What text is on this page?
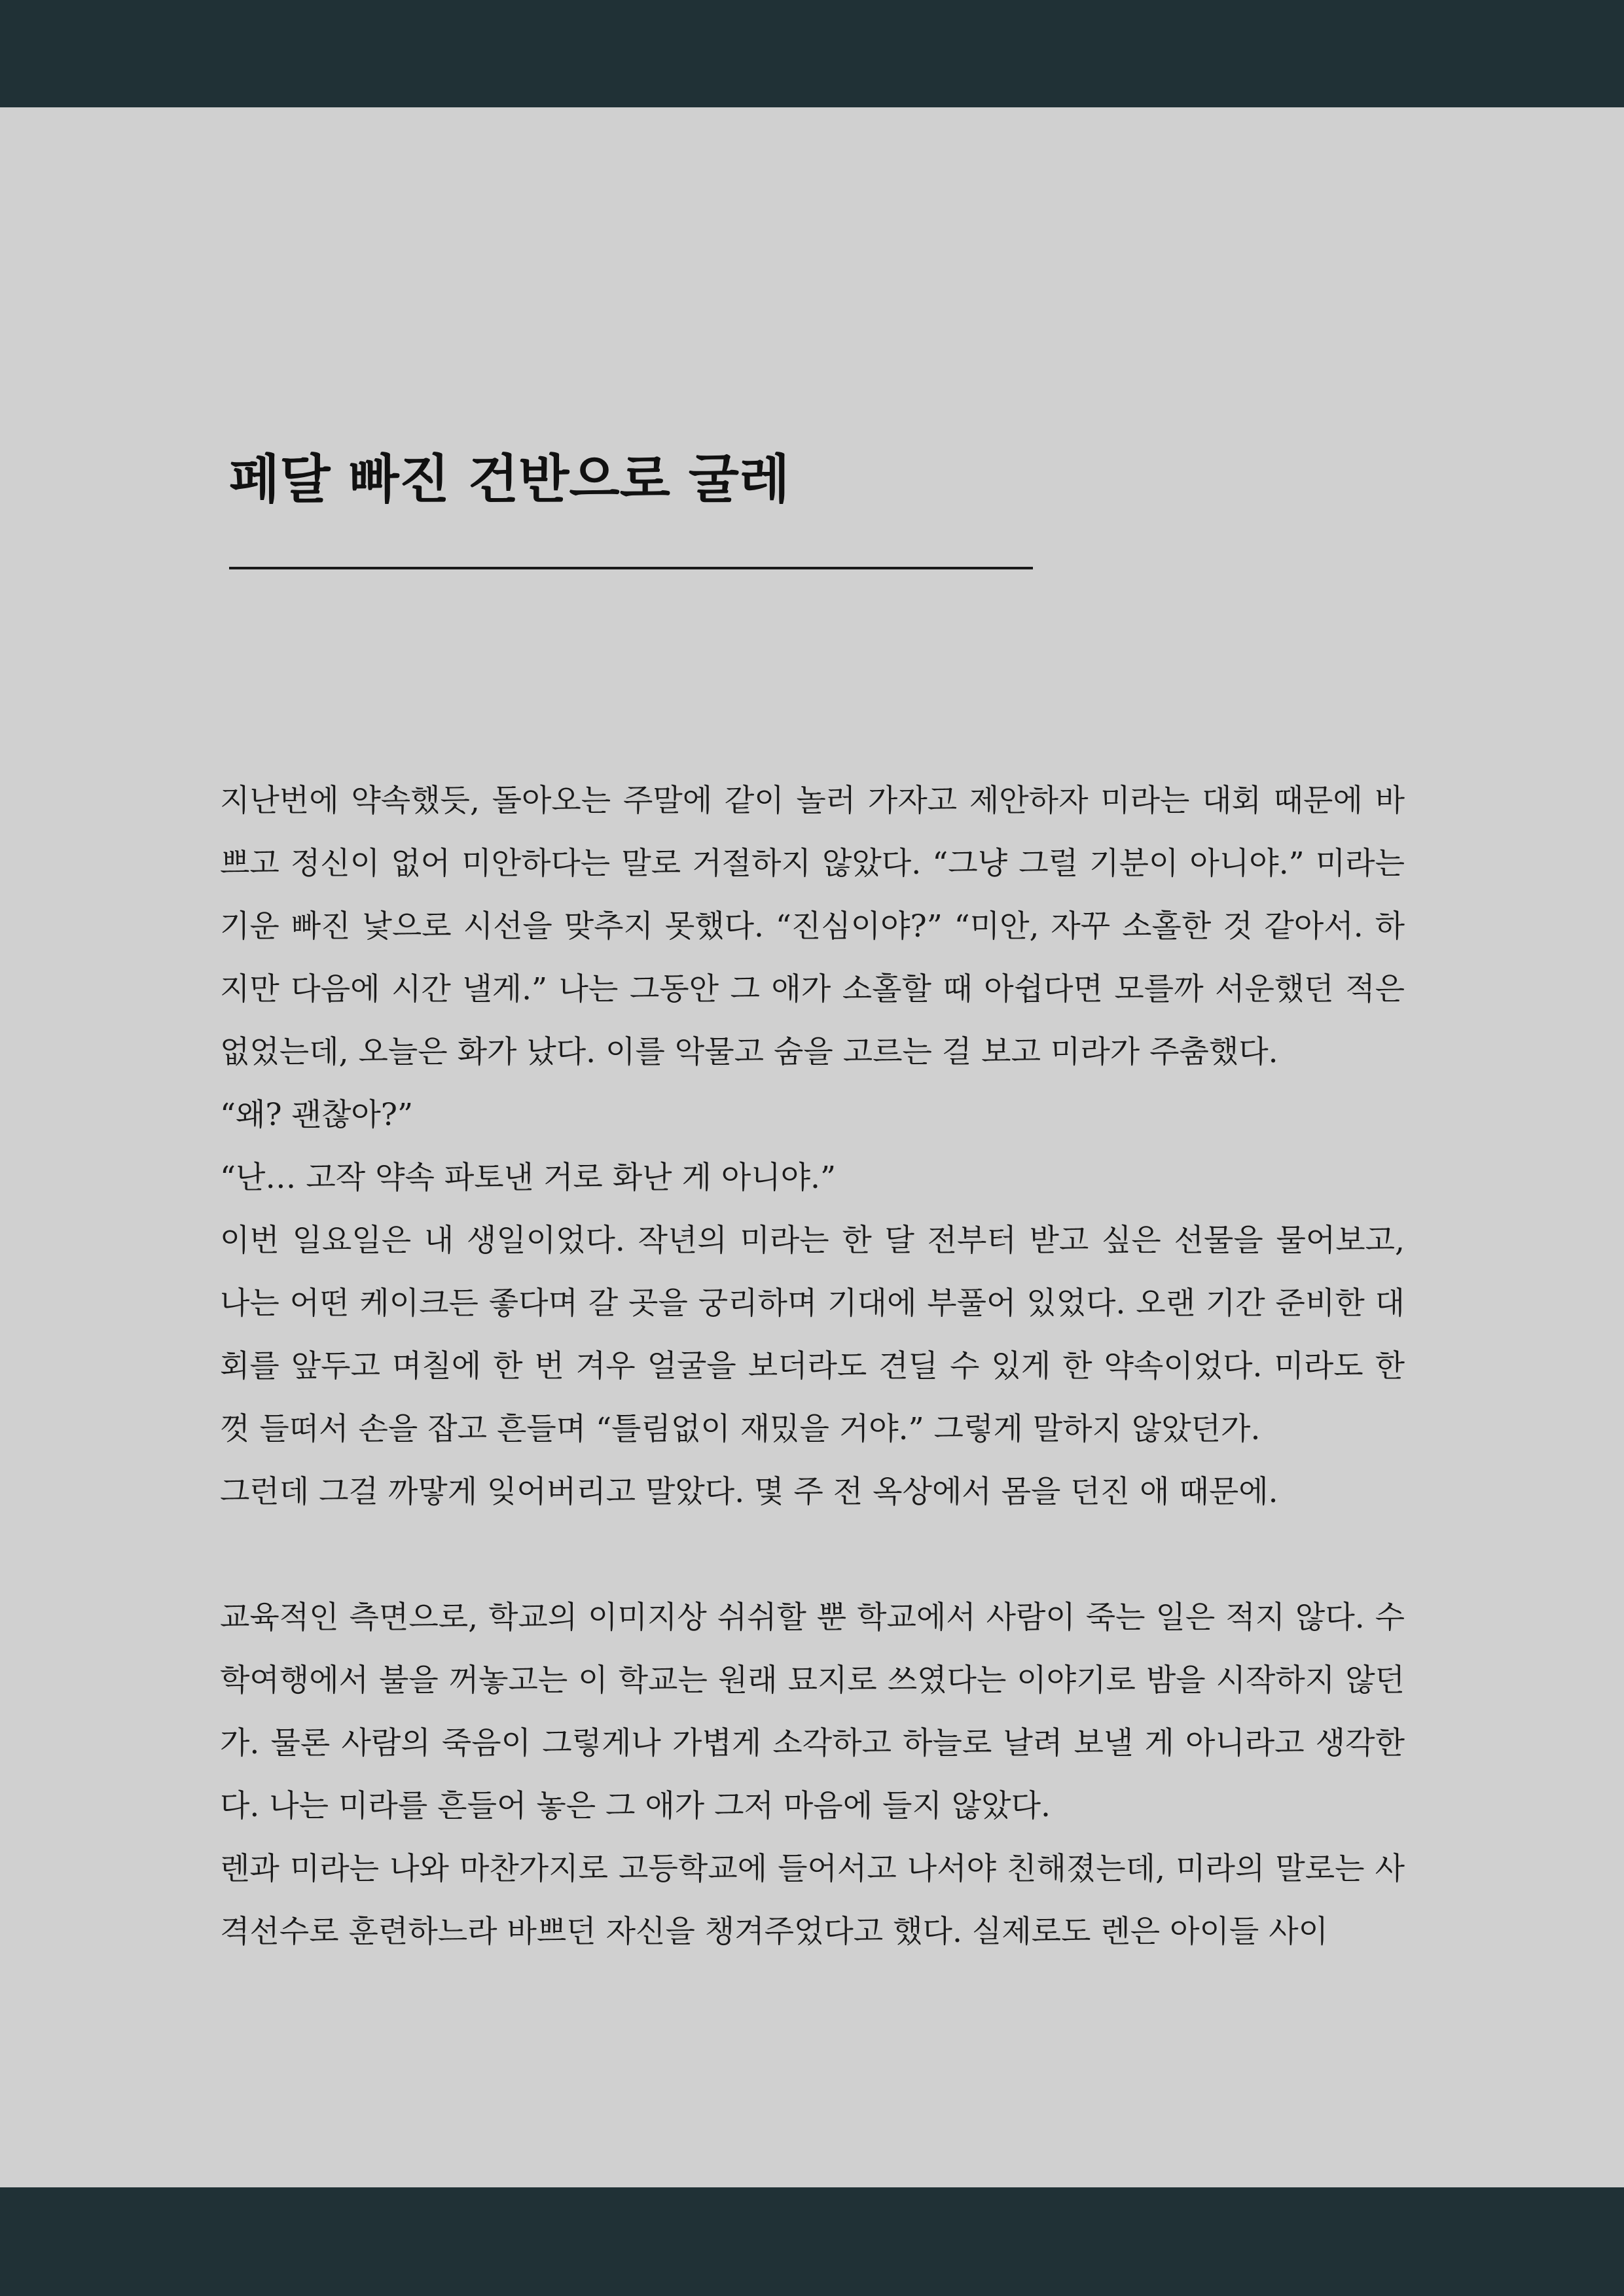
페달 빠진 건반으로 굴레

지난번에 약속했듯, 돌아오는 주말에 같이 놀러 가자고 제안하자 미라는 대회 때문에 바쁘고 정신이 없어 미안하다는 말로 거절하지 않았다. “그냥 그럴 기분이 아니야.” 미라는 기운 빠진 낯으로 시선을 맞추지 못했다. “진심이야?” “미안, 자꾸 소홀한 것 같아서. 하지만 다음에 시간 낼게.” 나는 그동안 그 애가 소홀할 때 아쉽다면 모를까 서운했던 적은 없었는데, 오늘은 화가 났다. 이를 악물고 숨을 고르는 걸 보고 미라가 주춤했다.

“왜? 괜찮아?”

“난… 고작 약속 파토낸 거로 화난 게 아니야.”

이번 일요일은 내 생일이었다. 작년의 미라는 한 달 전부터 받고 싶은 선물을 물어보고, 나는 어떤 케이크든 좋다며 갈 곳을 궁리하며 기대에 부풀어 있었다. 오랜 기간 준비한 대회를 앞두고 며칠에 한 번 겨우 얼굴을 보더라도 견딜 수 있게 한 약속이었다. 미라도 한껏 들떠서 손을 잡고 흔들며 “틀림없이 재밌을 거야.” 그렇게 말하지 않았던가.

그런데 그걸 까맣게 잊어버리고 말았다. 몇 주 전 옥상에서 몸을 던진 애 때문에.

교육적인 측면으로, 학교의 이미지상 쉬쉬할 뿐 학교에서 사람이 죽는 일은 적지 않다. 수학여행에서 불을 꺼놓고는 이 학교는 원래 묘지로 쓰였다는 이야기로 밤을 시작하지 않던가. 물론 사람의 죽음이 그렇게나 가볍게 소각하고 하늘로 날려 보낼 게 아니라고 생각한다. 나는 미라를 흔들어 놓은 그 애가 그저 마음에 들지 않았다.

렌과 미라는 나와 마찬가지로 고등학교에 들어서고 나서야 친해졌는데, 미라의 말로는 사격선수로 훈련하느라 바쁘던 자신을 챙겨주었다고 했다. 실제로도 렌은 아이들 사이
